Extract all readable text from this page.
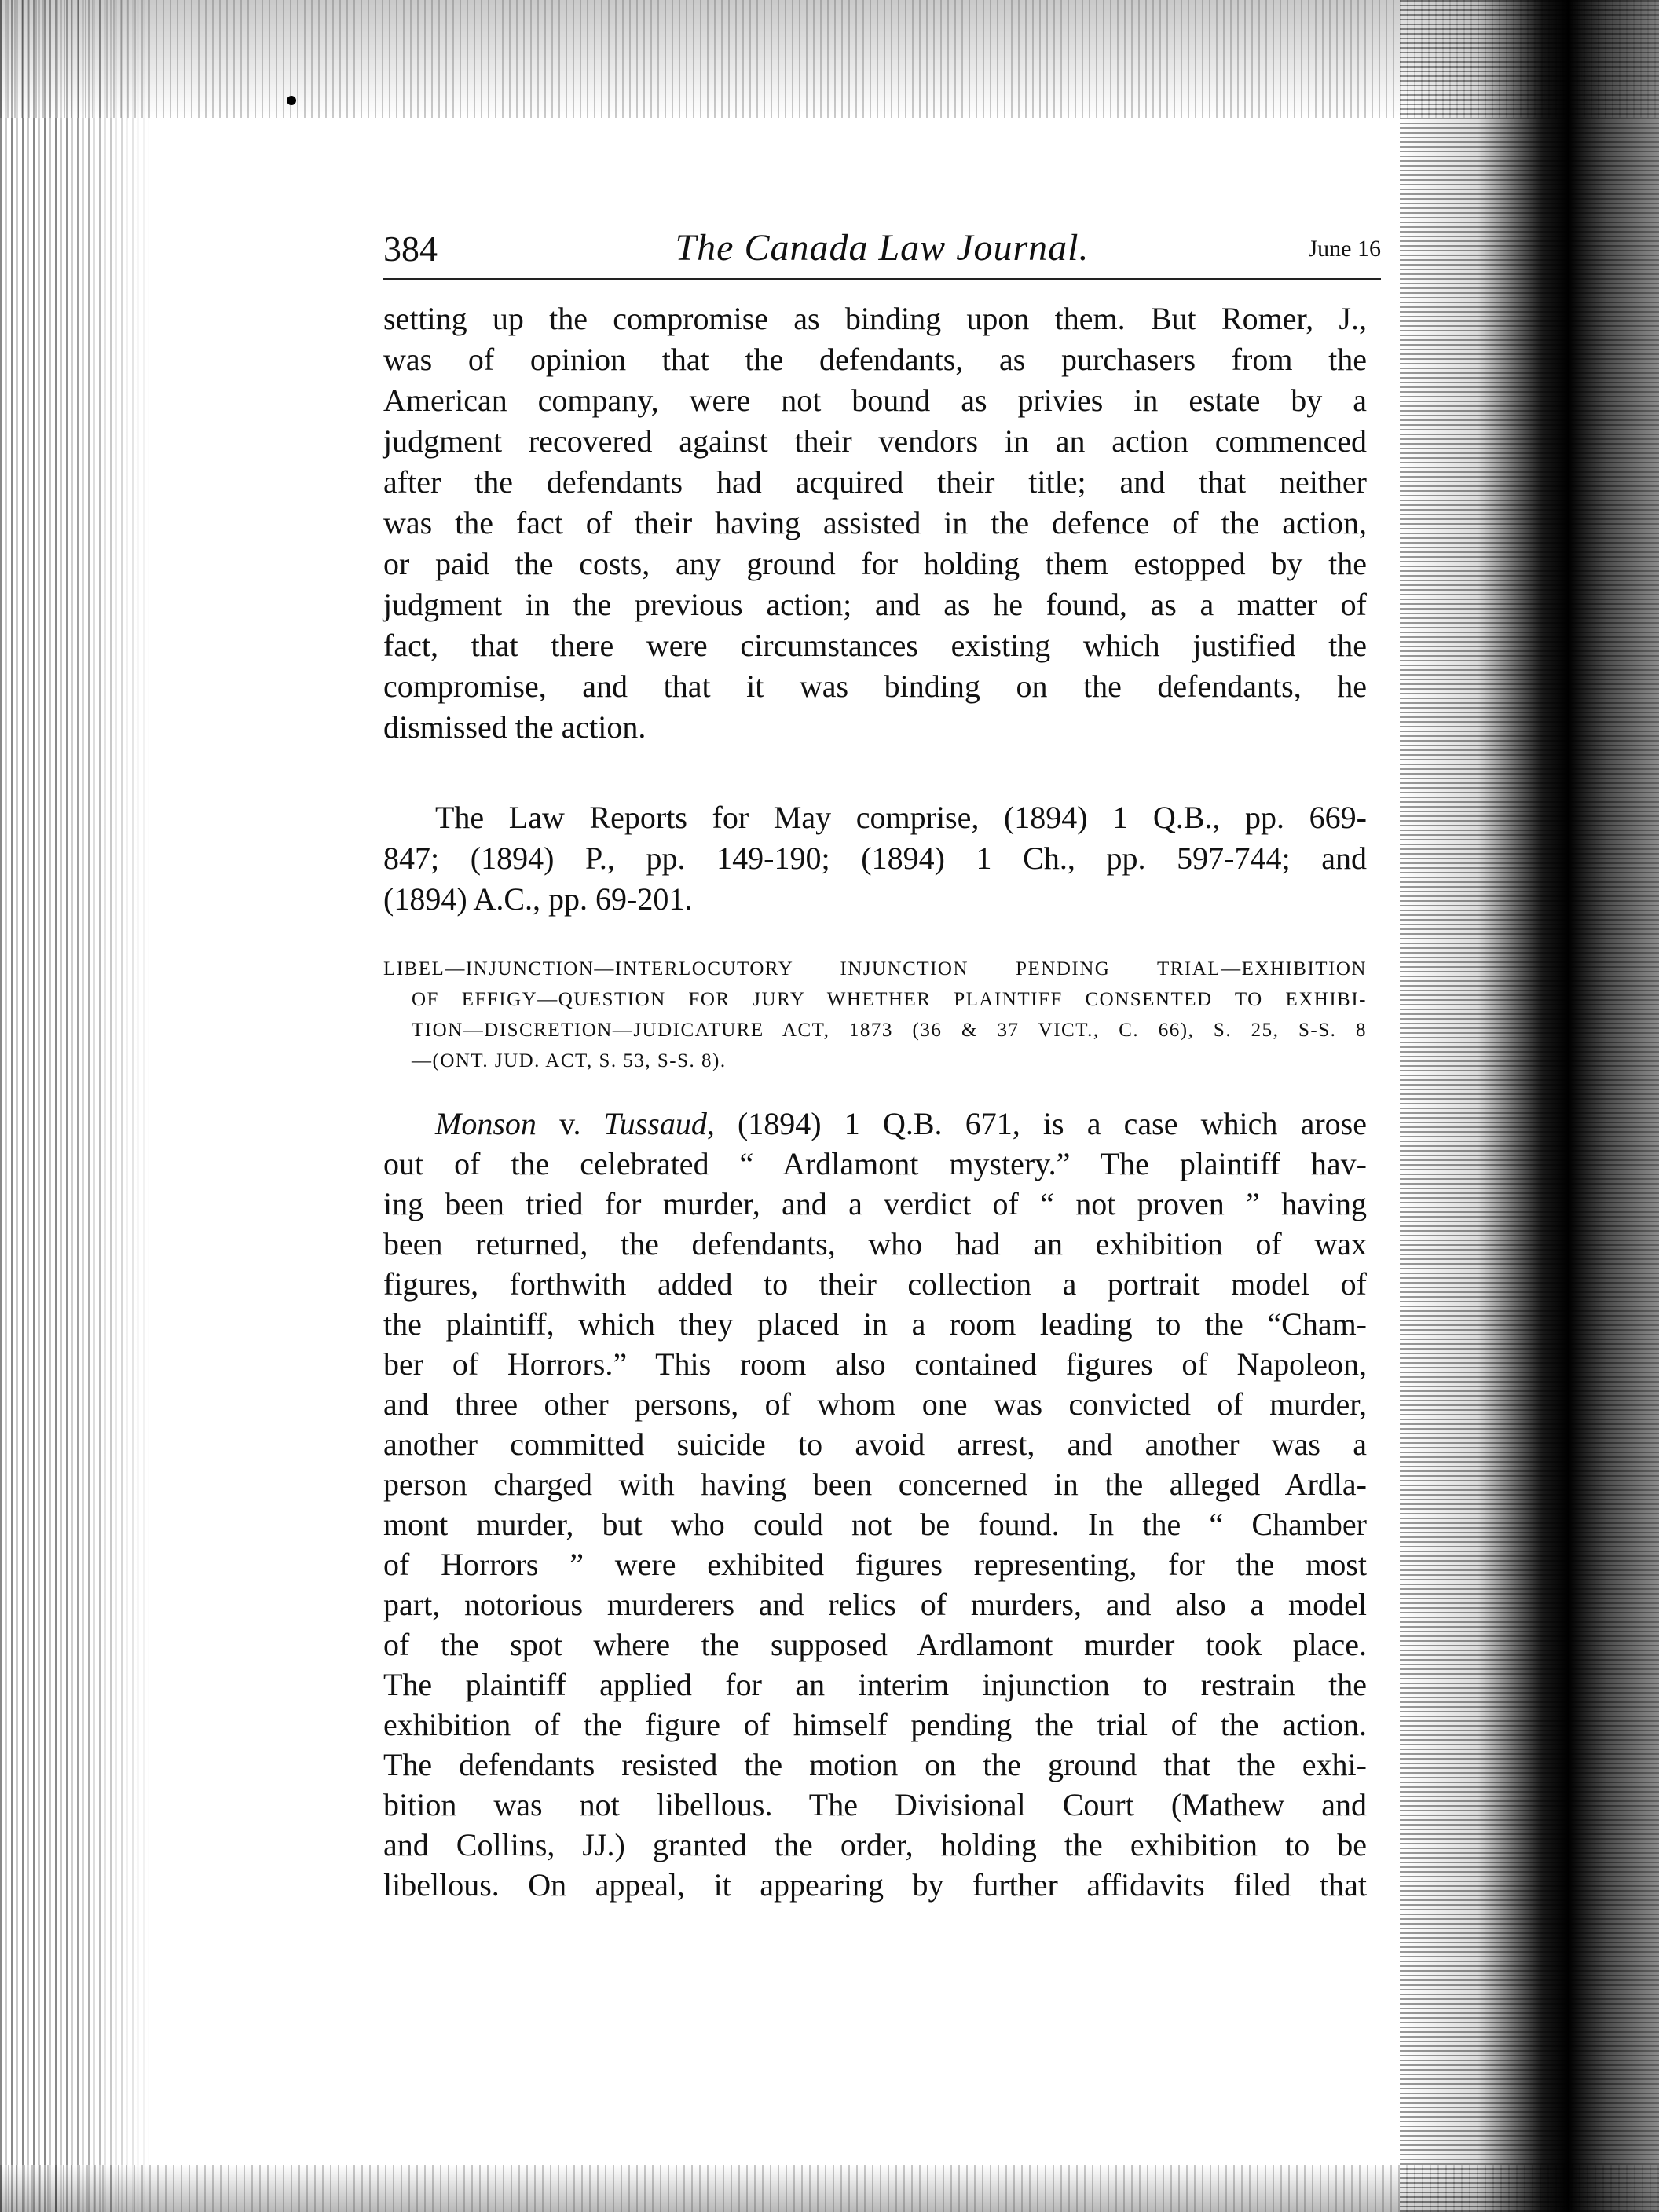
384	The Canada Law Journal.	June 16
setting up the compromise as binding upon them. But Romer, J.,
was of opinion that the defendants, as purchasers from the
American company, were not bound as privies in estate by a
judgment recovered against their vendors in an action commenced
after the defendants had acquired their title; and that neither
was the fact of their having assisted in the defence of the action,
or paid the costs, any ground for holding them estopped by the
judgment in the previous action; and as he found, as a matter of
fact, that there were circumstances existing which justified the
compromise, and that it was binding on the defendants, he
dismissed the action.
The Law Reports for May comprise, (1894) 1 Q.B., pp. 669-
847; (1894) P., pp. 149-190; (1894) 1 Ch., pp. 597-744; and
(1894) A.C., pp. 69-201.
LIBEL—INJUNCTION—INTERLOCUTORY INJUNCTION PENDING TRIAL—EXHIBITION
OF EFFIGY—QUESTION FOR JURY WHETHER PLAINTIFF CONSENTED TO EXHIBI-
TION—DISCRETION—JUDICATURE ACT, 1873 (36 & 37 VICT., C. 66), S. 25, S-S. 8
—(ONT. JUD. ACT, S. 53, S-S. 8).
Monson v. Tussaud, (1894) 1 Q.B. 671, is a case which arose
out of the celebrated “ Ardlamont mystery.” The plaintiff hav-
ing been tried for murder, and a verdict of “ not proven ” having
been returned, the defendants, who had an exhibition of wax
figures, forthwith added to their collection a portrait model of
the plaintiff, which they placed in a room leading to the “Cham-
ber of Horrors.” This room also contained figures of Napoleon,
and three other persons, of whom one was convicted of murder,
another committed suicide to avoid arrest, and another was a
person charged with having been concerned in the alleged Ardla-
mont murder, but who could not be found. In the “ Chamber
of Horrors ” were exhibited figures representing, for the most
part, notorious murderers and relics of murders, and also a model
of the spot where the supposed Ardlamont murder took place.
The plaintiff applied for an interim injunction to restrain the
exhibition of the figure of himself pending the trial of the action.
The defendants resisted the motion on the ground that the exhi-
bition was not libellous. The Divisional Court (Mathew and
and Collins, JJ.) granted the order, holding the exhibition to be
libellous. On appeal, it appearing by further affidavits filed that
